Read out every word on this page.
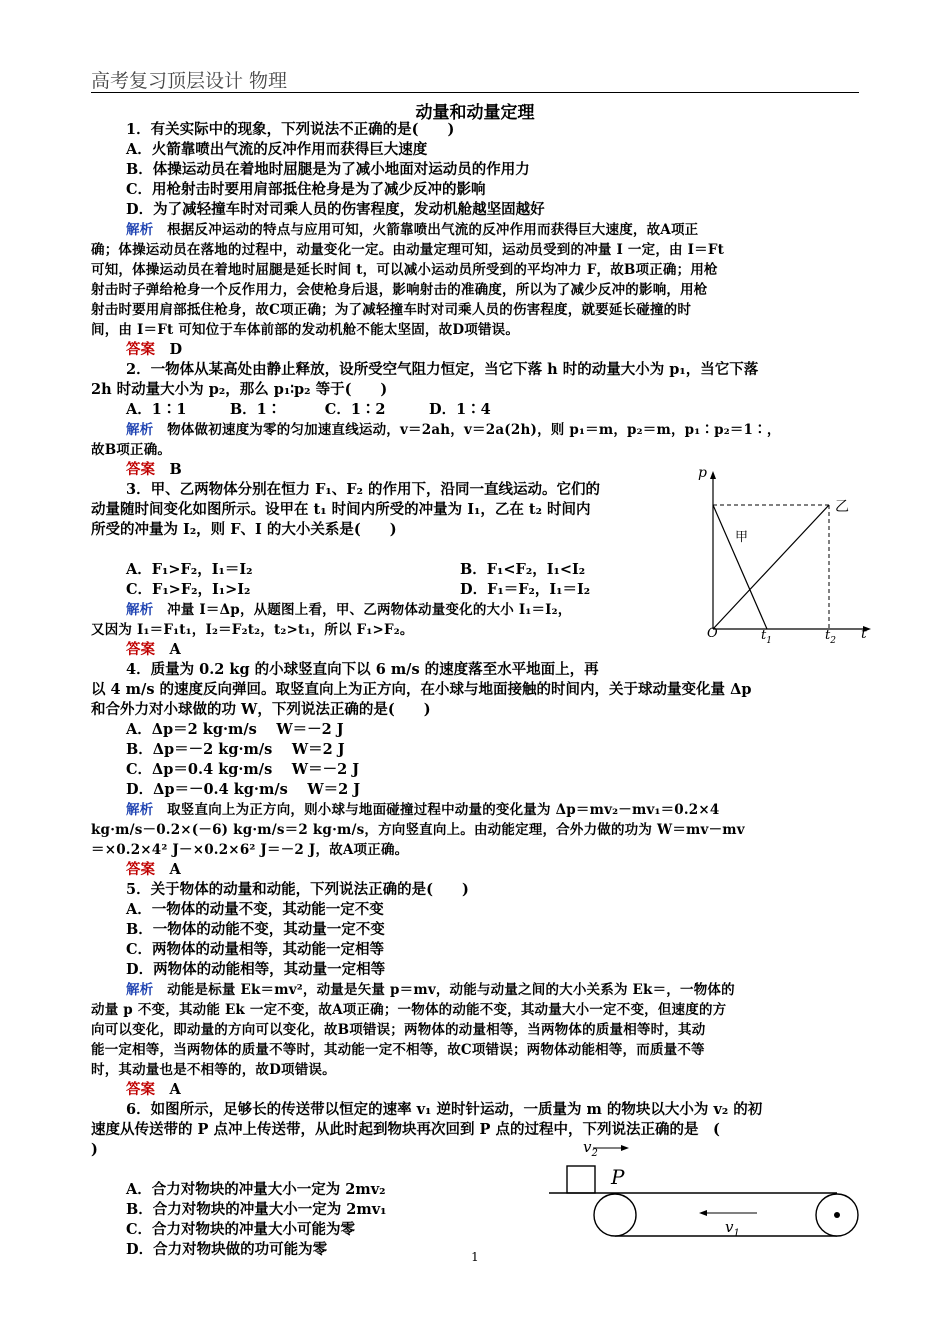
高考复习顶层设计 物理
动量和动量定理
1．有关实际中的现象，下列说法不正确的是(　　)
A．火箭靠喷出气流的反冲作用而获得巨大速度
B．体操运动员在着地时屈腿是为了减小地面对运动员的作用力
C．用枪射击时要用肩部抵住枪身是为了减少反冲的影响
D．为了减轻撞车时对司乘人员的伤害程度，发动机舱越坚固越好
解析　 根据反冲运动的特点与应用可知，火箭靠喷出气流的反冲作用而获得巨大速度，故A项正
确；体操运动员在落地的过程中，动量变化一定。由动量定理可知，运动员受到的冲量 I 一定，由 I＝Ft
可知，体操运动员在着地时屈腿是延长时间 t，可以减小运动员所受到的平均冲力 F，故B项正确；用枪
射击时子弹给枪身一个反作用力，会使枪身后退，影响射击的准确度，所以为了减少反冲的影响，用枪
射击时要用肩部抵住枪身，故C项正确；为了减轻撞车时对司乘人员的伤害程度，就要延长碰撞的时
间，由 I＝Ft 可知位于车体前部的发动机舱不能太坚固，故D项错误。
答案　 D
2．一物体从某高处由静止释放，设所受空气阻力恒定，当它下落 h 时的动量大小为 p₁，当它下落
2h 时动量大小为 p₂，那么 p₁∶p₂ 等于(　　)
A．1∶1　　　B．1∶　　　C．1∶2　　　D．1∶4
解析　 物体做初速度为零的匀加速直线运动，v＝2ah，v＝2a(2h)，则 p₁＝m，p₂＝m，p₁∶p₂＝1∶，
故B项正确。
答案　 B
3．甲、乙两物体分别在恒力 F₁、F₂ 的作用下，沿同一直线运动。它们的
动量随时间变化如图所示。设甲在 t₁ 时间内所受的冲量为 I₁，乙在 t₂ 时间内
所受的冲量为 I₂，则 F、I 的大小关系是(　　)
A．F₁>F₂，I₁＝I₂	B．F₁<F₂，I₁<I₂
C．F₁>F₂，I₁>I₂	D．F₁＝F₂，I₁＝I₂
解析　 冲量 I＝Δp，从题图上看，甲、乙两物体动量变化的大小 I₁＝I₂，
又因为 I₁＝F₁t₁，I₂＝F₂t₂，t₂>t₁，所以 F₁>F₂。
答案　 A
4．质量为 0.2 kg 的小球竖直向下以 6 m/s 的速度落至水平地面上，再
以 4 m/s 的速度反向弹回。取竖直向上为正方向，在小球与地面接触的时间内，关于球动量变化量 Δp
和合外力对小球做的功 W，下列说法正确的是(　　)
A．Δp＝2 kg·m/s　 W＝－2 J
B．Δp＝－2 kg·m/s　 W＝2 J
C．Δp＝0.4 kg·m/s　 W＝－2 J
D．Δp＝－0.4 kg·m/s　 W＝2 J
解析　 取竖直向上为正方向，则小球与地面碰撞过程中动量的变化量为 Δp＝mv₂－mv₁＝0.2×4
kg·m/s－0.2×(－6) kg·m/s＝2 kg·m/s，方向竖直向上。由动能定理，合外力做的功为 W＝mv－mv
＝×0.2×4² J－×0.2×6² J＝－2 J，故A项正确。
答案　 A
5．关于物体的动量和动能，下列说法正确的是(　　)
A．一物体的动量不变，其动能一定不变
B．一物体的动能不变，其动量一定不变
C．两物体的动量相等，其动能一定相等
D．两物体的动能相等，其动量一定相等
解析　 动能是标量 Ek＝mv²，动量是矢量 p＝mv，动能与动量之间的大小关系为 Ek＝，一物体的
动量 p 不变，其动能 Ek 一定不变，故A项正确；一物体的动能不变，其动量大小一定不变，但速度的方
向可以变化，即动量的方向可以变化，故B项错误；两物体的动量相等，当两物体的质量相等时，其动
能一定相等，当两物体的质量不等时，其动能一定不相等，故C项错误；两物体动能相等，而质量不等
时，其动量也是不相等的，故D项错误。
答案　 A
6．如图所示，足够长的传送带以恒定的速率 v₁ 逆时针运动，一质量为 m 的物块以大小为 v₂ 的初
速度从传送带的 P 点冲上传送带，从此时起到物块再次回到 P 点的过程中，下列说法正确的是　(
)
A．合力对物块的冲量大小一定为 2mv₂
B．合力对物块的冲量大小一定为 2mv₁
C．合力对物块的冲量大小可能为零
D．合力对物块做的功可能为零
p
t
O	$t_1$	$t_2$
甲
乙
$v_2$
P
$v_1$
1
